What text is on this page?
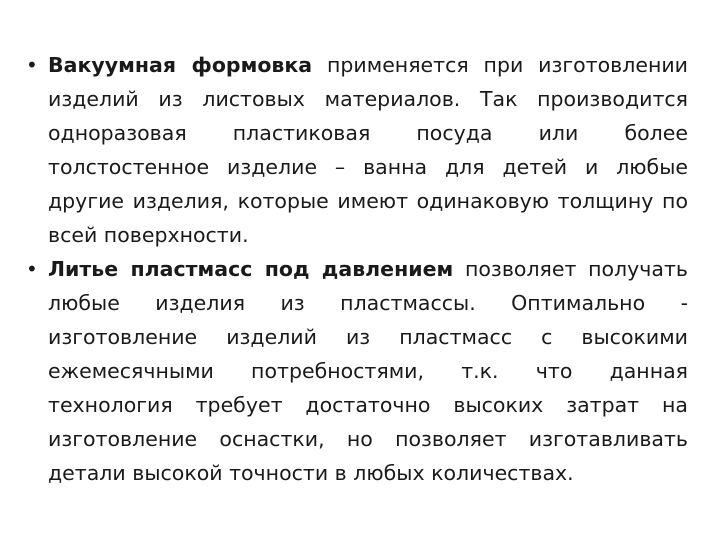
• Вакуумная формовка применяется при изготовлении изделий из листовых материалов. Так производится одноразовая пластиковая посуда или более толстостенное изделие – ванна для детей и любые другие изделия, которые имеют одинаковую толщину по всей поверхности.
• Литье пластмасс под давлением позволяет получать любые изделия из пластмассы. Оптимально - изготовление изделий из пластмасс с высокими ежемесячными потребностями, т.к. что данная технология требует достаточно высоких затрат на изготовление оснастки, но позволяет изготавливать детали высокой точности в любых количествах.
